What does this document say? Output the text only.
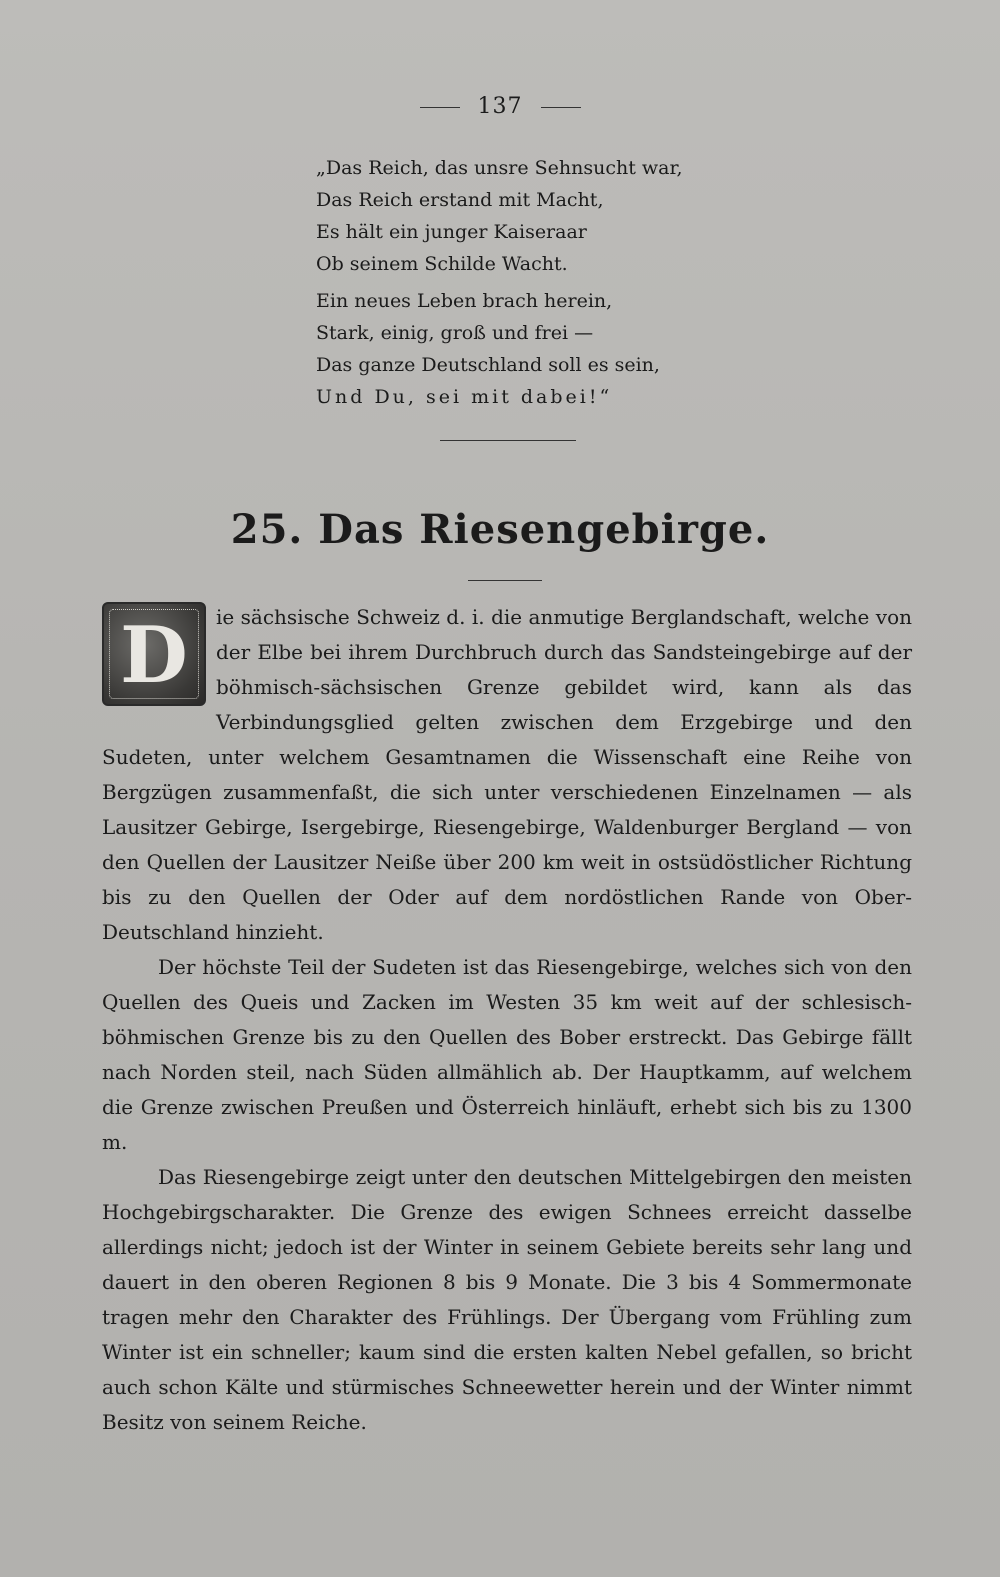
137
„Das Reich, das unsre Sehnsucht war,
Das Reich erstand mit Macht,
Es hält ein junger Kaiseraar
Ob seinem Schilde Wacht.
Ein neues Leben brach herein,
Stark, einig, groß und frei —
Das ganze Deutschland soll es sein,
Und Du, sei mit dabei!“
25. Das Riesengebirge.

D	ie sächsische Schweiz d. i. die anmutige Berglandschaft, welche von der Elbe bei ihrem Durchbruch durch das Sandsteingebirge auf der böhmisch-sächsischen Grenze gebildet wird, kann als das Verbindungsglied gelten zwischen dem Erzgebirge und den Sudeten, unter welchem Gesamtnamen die Wissenschaft eine Reihe von Bergzügen zusammenfaßt, die sich unter verschiedenen Einzelnamen — als Lausitzer Gebirge, Isergebirge, Riesengebirge, Waldenburger Bergland — von den Quellen der Lausitzer Neiße über 200 km weit in ostsüdöstlicher Richtung bis zu den Quellen der Oder auf dem nordöstlichen Rande von Ober-Deutschland hinzieht.

Der höchste Teil der Sudeten ist das Riesengebirge, welches sich von den Quellen des Queis und Zacken im Westen 35 km weit auf der schlesisch-böhmischen Grenze bis zu den Quellen des Bober erstreckt. Das Gebirge fällt nach Norden steil, nach Süden allmählich ab. Der Hauptkamm, auf welchem die Grenze zwischen Preußen und Österreich hinläuft, erhebt sich bis zu 1300 m.

Das Riesengebirge zeigt unter den deutschen Mittelgebirgen den meisten Hochgebirgscharakter. Die Grenze des ewigen Schnees erreicht dasselbe allerdings nicht; jedoch ist der Winter in seinem Gebiete bereits sehr lang und dauert in den oberen Regionen 8 bis 9 Monate. Die 3 bis 4 Sommermonate tragen mehr den Charakter des Frühlings. Der Übergang vom Frühling zum Winter ist ein schneller; kaum sind die ersten kalten Nebel gefallen, so bricht auch schon Kälte und stürmisches Schneewetter herein und der Winter nimmt Besitz von seinem Reiche.
